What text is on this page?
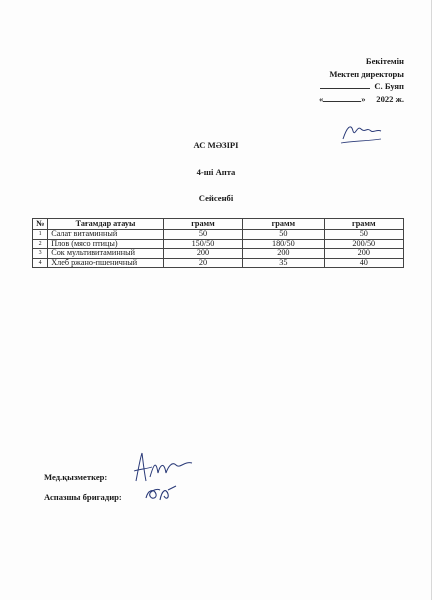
Бекітемін
Мектеп директоры
С. Буяп
«	» 2022 ж.
АС МӘЗІРІ
4-ші Апта
Сейсенбі
№	Тағамдар атауы	грамм	грамм	грамм
1	Салат витаминный	50	50	50
2	Плов (мясо птицы)	150/50	180/50	200/50
3	Сок мультивитаминный	200	200	200
4	Хлеб ржано-пшеничный	20	35	40
Мед.қызметкер:
Аспазшы бригадир:
